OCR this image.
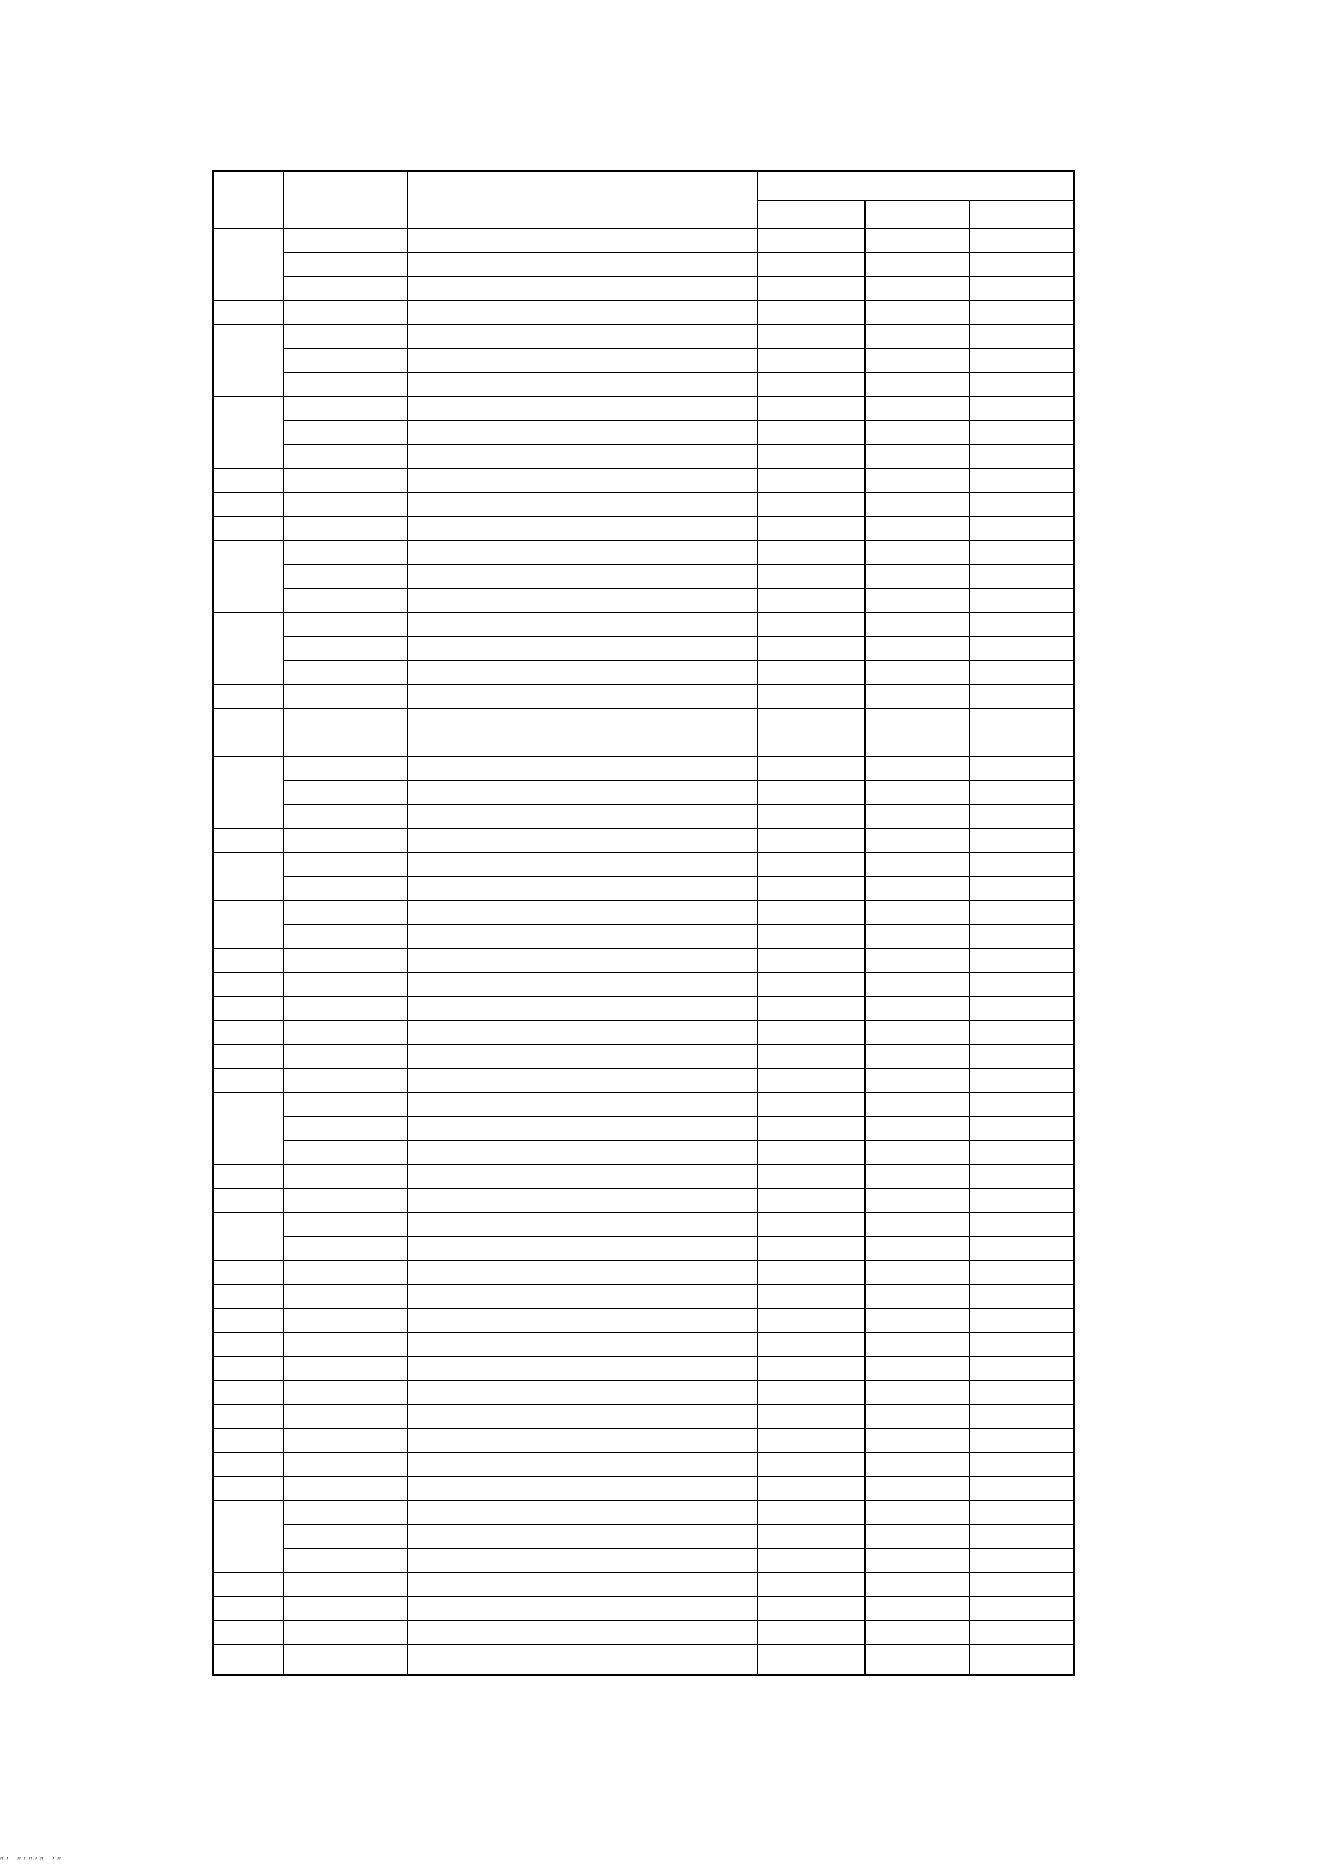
″′ ″′″′″ ′″
